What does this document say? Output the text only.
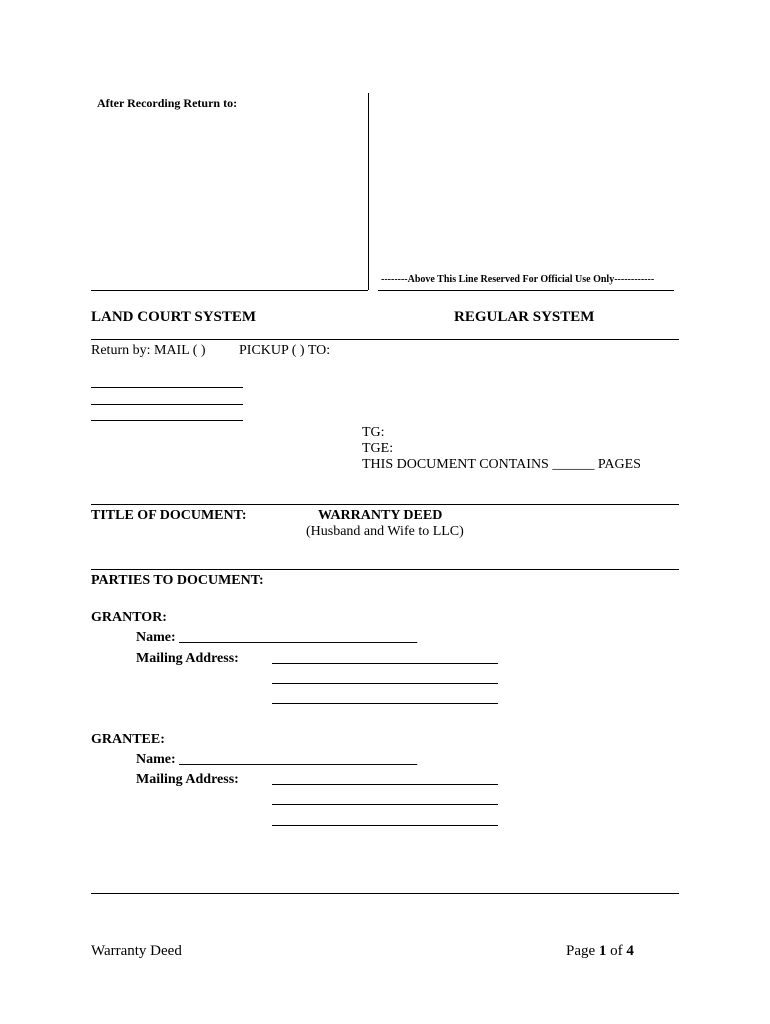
After Recording Return to:
--------Above This Line Reserved For Official Use Only------------
LAND COURT SYSTEM	REGULAR SYSTEM
Return by: MAIL ( ) PICKUP ( ) TO:
TG:
TGE:
THIS DOCUMENT CONTAINS ______ PAGES
TITLE OF DOCUMENT:	WARRANTY DEED
(Husband and Wife to LLC)
PARTIES TO DOCUMENT:
GRANTOR:
Name: __________________________________
Mailing Address:
GRANTEE:
Name: __________________________________
Mailing Address:
Warranty Deed	Page 1 of 4
